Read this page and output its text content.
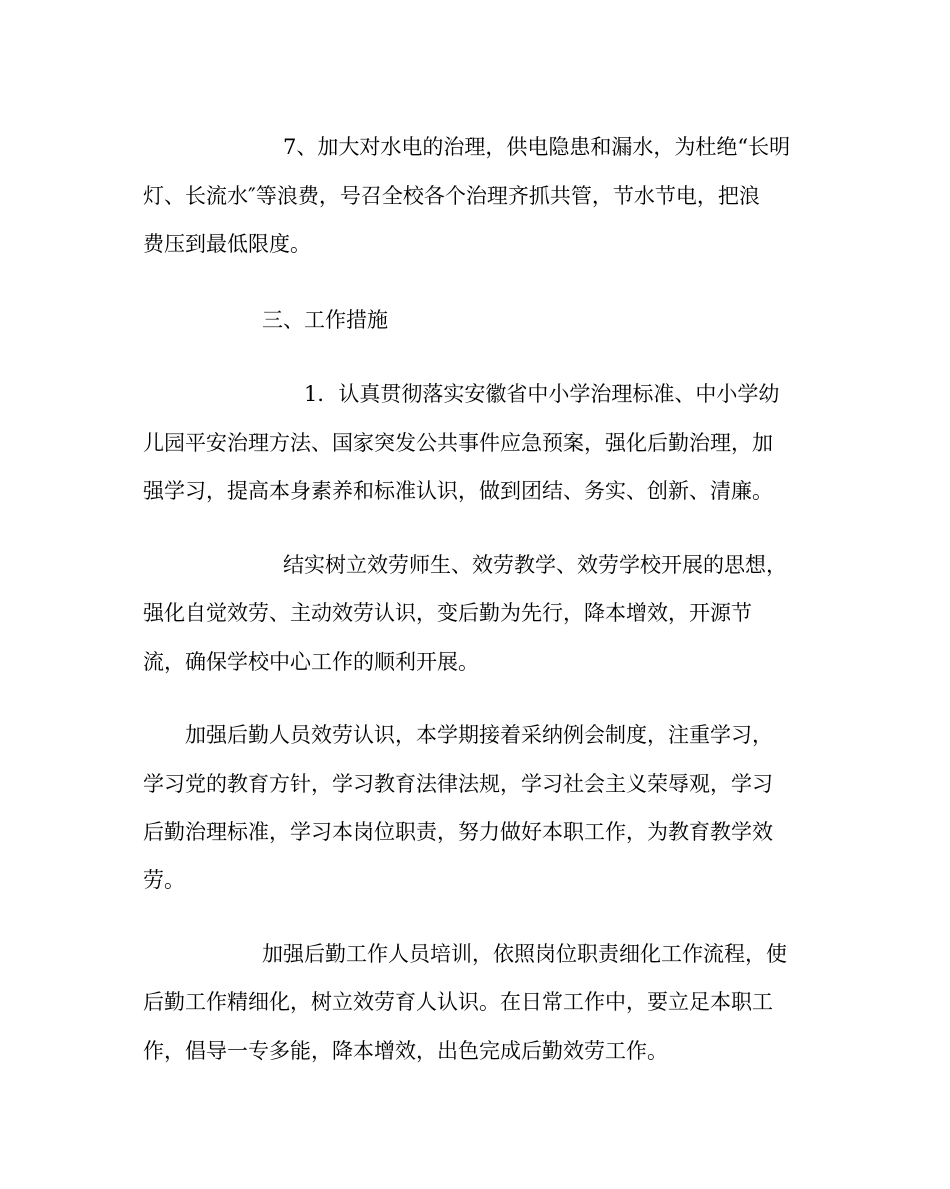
7、加大对水电的治理，供电隐患和漏水，为杜绝“长明
灯、长流水″等浪费，号召全校各个治理齐抓共管，节水节电，把浪
费压到最低限度。
三、工作措施
1．认真贯彻落实安徽省中小学治理标准、中小学幼
儿园平安治理方法、国家突发公共事件应急预案，强化后勤治理，加
强学习，提高本身素养和标准认识，做到团结、务实、创新、清廉。
结实树立效劳师生、效劳教学、效劳学校开展的思想，
强化自觉效劳、主动效劳认识，变后勤为先行，降本增效，开源节
流，确保学校中心工作的顺利开展。
加强后勤人员效劳认识，本学期接着采纳例会制度，注重学习，
学习党的教育方针，学习教育法律法规，学习社会主义荣辱观，学习
后勤治理标准，学习本岗位职责，努力做好本职工作，为教育教学效
劳。
加强后勤工作人员培训，依照岗位职责细化工作流程，使
后勤工作精细化，树立效劳育人认识。在日常工作中，要立足本职工
作，倡导一专多能，降本增效，出色完成后勤效劳工作。
